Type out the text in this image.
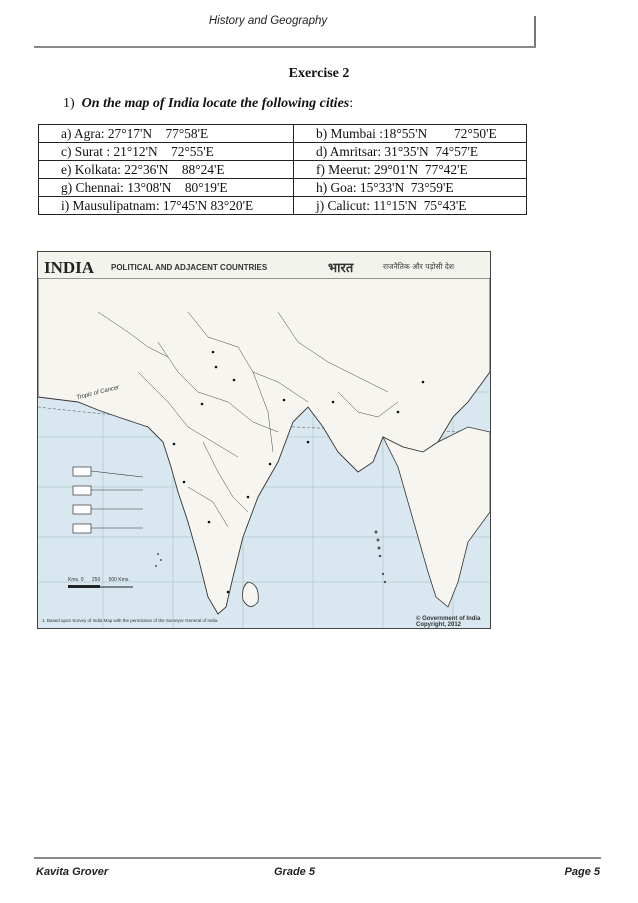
History and Geography
Exercise 2
1) On the map of India locate the following cities:
a) Agra: 27°17'N    77°58'E	b) Mumbai :18°55'N        72°50'E
c) Surat : 21°12'N    72°55'E	d) Amritsar: 31°35'N  74°57'E
e) Kolkata: 22°36'N    88°24'E	f) Meerut: 29°01'N  77°42'E
g) Chennai: 13°08'N    80°19'E	h) Goa: 15°33'N  73°59'E
i) Mausulipatnam: 17°45'N 83°20'E	j) Calicut: 11°15'N  75°43'E
INDIA POLITICAL AND ADJACENT COUNTRIES	भारत	राजनैतिक और पड़ोसी देश
Tropic of Cancer
Kms. 0      250      500 Kms.
1. Based upon Survey of India Map with the permission of the Surveyor General of India.	© Government of India Copyright, 2012
Kavita Grover	Grade 5	Page 5
